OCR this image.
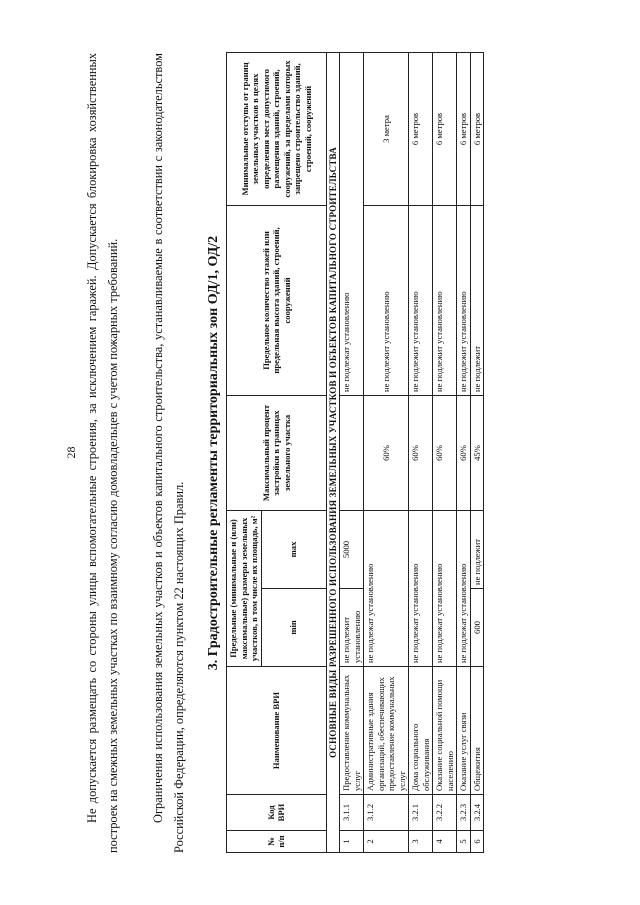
28 Не допускается размещать со стороны улицы вспомогательные строения, за исключением гаражей. Допускается блокировка хозяйственных построек на смежных земельных участках по взаимному согласию домовладельцев с учетом пожарных требований.	Ограничения использования земельных участков и объектов капитального строительства, устанавливаемые в соответствии с законодательством Российской Федерации, определяются пунктом 22 настоящих Правил. 3. Градостроительные регламенты территориальных зон ОД/1, ОД/2
№ п/п	Код ВРИ	Наименование ВРИ	Предельные (минимальные и (или) максимальные) размеры земельных участков, в том числе их площадь, м²		Максимальный процент застройки в границах земельного участка	Предельное количество этажей или предельная высота зданий, строений, сооружений	Минимальные отступы от границ земельных участков в целях определения мест допустимого размещения зданий, строений, сооружений, за пределами которых запрещено строительство зданий, строений, сооружений
			min	max			
ОСНОВНЫЕ ВИДЫ РАЗРЕШЕННОГО ИСПОЛЬЗОВАНИЯ ЗЕМЕЛЬНЫХ УЧАСТКОВ И ОБЪЕКТОВ КАПИТАЛЬНОГО СТРОИТЕЛЬСТВА							
1	3.1.1	Предоставление коммунальных услуг	не подлежит установлению	5000		не подлежат установлению	
2	3.1.2	Административные здания организаций, обеспечивающих предоставление коммунальных услуг	не подлежат установлению		60%	не подлежит установлению	3 метра
3	3.2.1	Дома социального обслуживания	не подлежат установлению		60%	не подлежит установлению	6 метров
4	3.2.2	Оказание социальной помощи населению	не подлежат установлению		60%	не подлежит установлению	6 метров
5	3.2.3	Оказание услуг связи	не подлежат установлению		60%	не подлежит установлению	6 метров
6	3.2.4	Общежития	600	не подлежит	45%	не подлежит	6 метров
